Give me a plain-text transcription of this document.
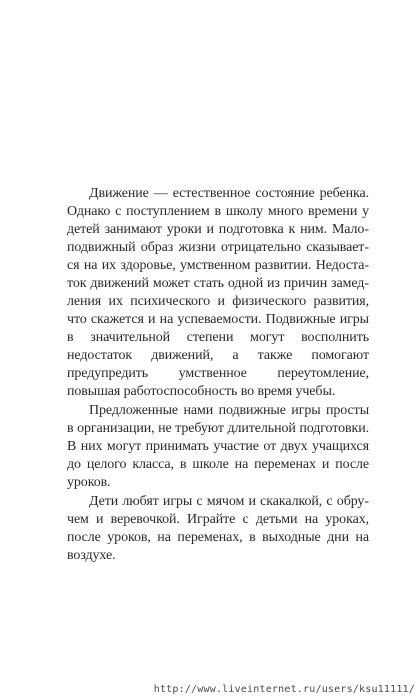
Движение — естественное состояние ребенка. Однако с поступлением в школу много времени у детей занимают уроки и подготовка к ним. Малоподвижный образ жизни отрицательно сказывается на их здоровье, умственном развитии. Недостаток движений может стать одной из причин замедления их психического и физического развития, что скажется и на успеваемости. Подвижные игры в значительной степени могут восполнить недостаток движений, а также помогают предупредить умственное переутомление, повышая работоспособность во время учебы.

Предложенные нами подвижные игры просты в организации, не требуют длительной подготовки. В них могут принимать участие от двух учащихся до целого класса, в школе на переменах и после уроков.

Дети любят игры с мячом и скакалкой, с обручем и веревочкой. Играйте с детьми на уроках, после уроков, на переменах, в выходные дни на воздухе.

http://www.liveinternet.ru/users/ksu11111/
